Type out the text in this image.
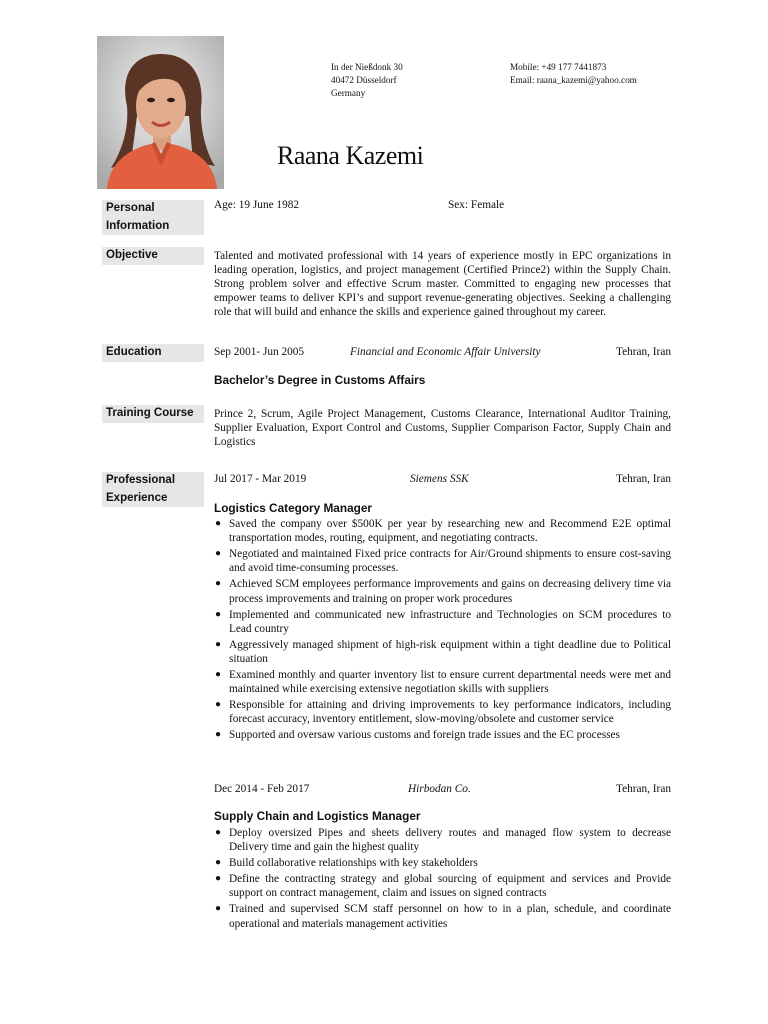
In der Nießdonk 30
40472 Düsseldorf
Germany
Mobile: +49 177 7441873
Email: raana_kazemi@yahoo.com
Raana Kazemi
Personal
Information
Age: 19 June 1982	Sex: Female
Objective	Talented and motivated professional with 14 years of experience mostly in EPC organizations in leading operation, logistics, and project management (Certified Prince2) within the Supply Chain. Strong problem solver and effective Scrum master. Committed to engaging new processes that empower teams to deliver KPI’s and support revenue-generating objectives. Seeking a challenging role that will build and enhance the skills and experience gained throughout my career.
Education	Sep 2001- Jun 2005	Financial and Economic Affair University	Tehran, Iran
Bachelor’s Degree in Customs Affairs
Training Course	Prince 2, Scrum, Agile Project Management, Customs Clearance, International Auditor Training, Supplier Evaluation, Export Control and Customs, Supplier Comparison Factor, Supply Chain and Logistics
Professional
Experience
Jul 2017 - Mar 2019	Siemens SSK	Tehran, Iran
Logistics Category Manager
● Saved the company over $500K per year by researching new and Recommend E2E optimal transportation modes, routing, equipment, and negotiating contracts.
● Negotiated and maintained Fixed price contracts for Air/Ground shipments to ensure cost-saving and avoid time-consuming processes.
● Achieved SCM employees performance improvements and gains on decreasing delivery time via process improvements and training on proper work procedures
● Implemented and communicated new infrastructure and Technologies on SCM procedures to Lead country
● Aggressively managed shipment of high-risk equipment within a tight deadline due to Political situation
● Examined monthly and quarter inventory list to ensure current departmental needs were met and maintained while exercising extensive negotiation skills with suppliers
● Responsible for attaining and driving improvements to key performance indicators, including forecast accuracy, inventory entitlement, slow-moving/obsolete and customer service
● Supported and oversaw various customs and foreign trade issues and the EC processes
Dec 2014 - Feb 2017	Hirbodan Co.	Tehran, Iran
Supply Chain and Logistics Manager
● Deploy oversized Pipes and sheets delivery routes and managed flow system to decrease Delivery time and gain the highest quality
● Build collaborative relationships with key stakeholders
● Define the contracting strategy and global sourcing of equipment and services and Provide support on contract management, claim and issues on signed contracts
● Trained and supervised SCM staff personnel on how to in a plan, schedule, and coordinate operational and materials management activities
